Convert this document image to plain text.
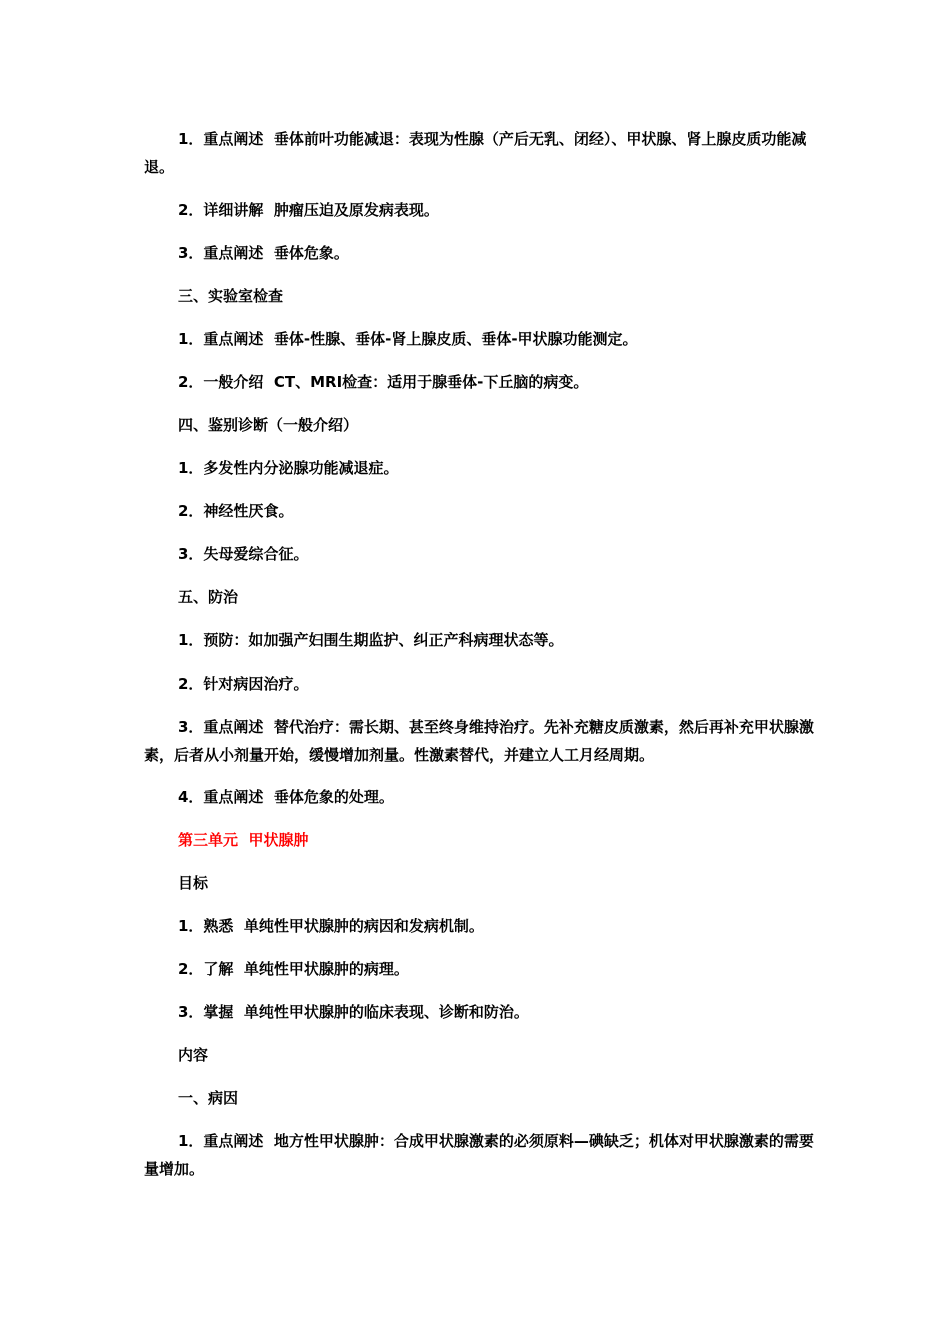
1．重点阐述  垂体前叶功能减退：表现为性腺（产后无乳、闭经）、甲状腺、肾上腺皮质功能减退。

2．详细讲解  肿瘤压迫及原发病表现。

3．重点阐述  垂体危象。

三、实验室检查

1．重点阐述  垂体-性腺、垂体-肾上腺皮质、垂体-甲状腺功能测定。

2．一般介绍  CT、MRI检查：适用于腺垂体-下丘脑的病变。

四、鉴别诊断（一般介绍）

1．多发性内分泌腺功能减退症。

2．神经性厌食。

3．失母爱综合征。

五、防治

1．预防：如加强产妇围生期监护、纠正产科病理状态等。

2．针对病因治疗。

3．重点阐述  替代治疗：需长期、甚至终身维持治疗。先补充糖皮质激素，然后再补充甲状腺激素，后者从小剂量开始，缓慢增加剂量。性激素替代，并建立人工月经周期。

4．重点阐述  垂体危象的处理。

第三单元  甲状腺肿

目标

1．熟悉  单纯性甲状腺肿的病因和发病机制。

2．了解  单纯性甲状腺肿的病理。

3．掌握  单纯性甲状腺肿的临床表现、诊断和防治。

内容

一、病因

1．重点阐述  地方性甲状腺肿：合成甲状腺激素的必须原料—碘缺乏；机体对甲状腺激素的需要量增加。
